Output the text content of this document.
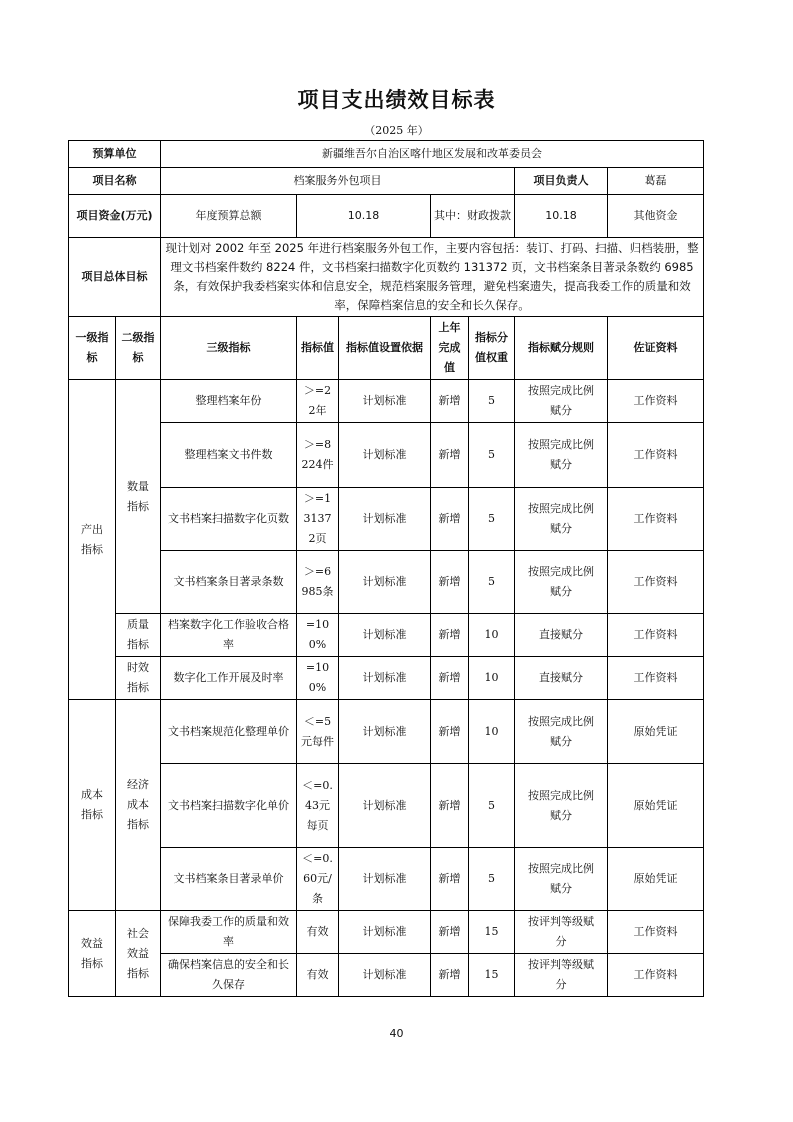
项目支出绩效目标表
（2025 年）
预算单位		新疆维吾尔自治区喀什地区发展和改革委员会						
项目名称		档案服务外包项目					项目负责人	葛磊
项目资金(万元)		年度预算总额	10.18		其中：财政拨款		10.18	其他资金
项目总体目标		现计划对 2002 年至 2025 年进行档案服务外包工作，主要内容包括：装订、打码、扫描、归档装册，整理文书档案件数约 8224 件，文书档案扫描数字化页数约 131372 页，文书档案条目著录条数约 6985 条，有效保护我委档案实体和信息安全，规范档案服务管理，避免档案遗失，提高我委工作的质量和效率，保障档案信息的安全和长久保存。						
一级指标	二级指标	三级指标	指标值	指标值设置依据	上年完成值	指标分值权重	指标赋分规则	佐证资料
产出指标	数量指标	整理档案年份	＞=22年	计划标准	新增	5	按照完成比例赋分	工作资料
		整理档案文书件数	＞=8224件	计划标准	新增	5	按照完成比例赋分	工作资料
		文书档案扫描数字化页数	＞=131372页	计划标准	新增	5	按照完成比例赋分	工作资料
		文书档案条目著录条数	＞=6985条	计划标准	新增	5	按照完成比例赋分	工作资料
	质量指标	档案数字化工作验收合格率	=100%	计划标准	新增	10	直接赋分	工作资料
	时效指标	数字化工作开展及时率	=100%	计划标准	新增	10	直接赋分	工作资料
成本指标	经济成本指标	文书档案规范化整理单价	＜=5元每件	计划标准	新增	10	按照完成比例赋分	原始凭证
		文书档案扫描数字化单价	＜=0.43元每页	计划标准	新增	5	按照完成比例赋分	原始凭证
		文书档案条目著录单价	＜=0.60元/条	计划标准	新增	5	按照完成比例赋分	原始凭证
效益指标	社会效益指标	保障我委工作的质量和效率	有效	计划标准	新增	15	按评判等级赋分	工作资料
		确保档案信息的安全和长久保存	有效	计划标准	新增	15	按评判等级赋分	工作资料
40
